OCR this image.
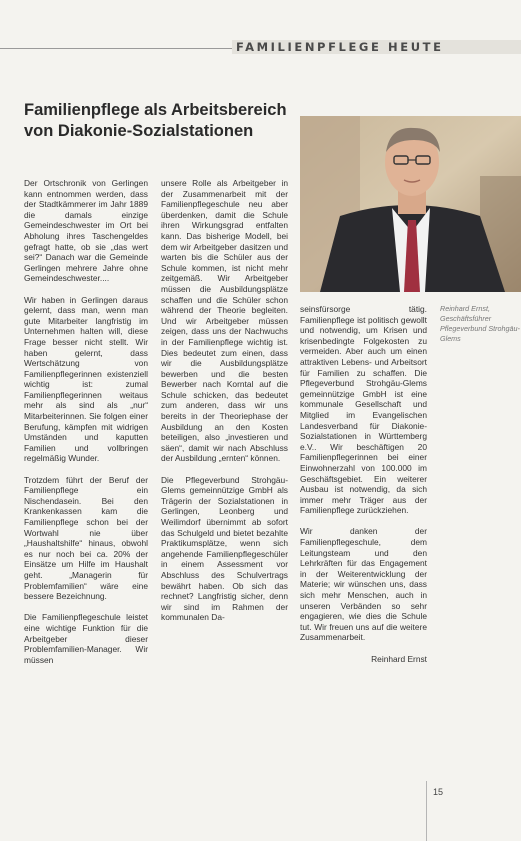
FAMILIENPFLEGE HEUTE
Familienpflege als Arbeitsbereich von Diakonie-Sozialstationen
Reinhard Ernst, Geschäftsführer Pflegeverbund Strohgäu-Glems

Der Ortschronik von Gerlingen kann entnommen werden, dass der Stadtkämmerer im Jahr 1889 die damals einzige Gemeindeschwester im Ort bei Abholung ihres Taschengeldes gefragt hatte, ob sie „das wert sei?“ Danach war die Gemeinde Gerlingen mehrere Jahre ohne Gemeindeschwester....

Wir haben in Gerlingen daraus gelernt, dass man, wenn man gute Mitarbeiter langfristig im Unternehmen halten will, diese Frage besser nicht stellt. Wir haben gelernt, dass Wertschätzung von Familienpflegerinnen existenziell wichtig ist: zumal Familienpflegerinnen weitaus mehr als sind als „nur“ Mitarbeiterinnen. Sie folgen einer Berufung, kämpfen mit widrigen Umständen und kaputten Familien und vollbringen regelmäßig Wunder.

Trotzdem führt der Beruf der Familienpflege ein Nischendasein. Bei den Krankenkassen kam die Familienpflege schon bei der Wortwahl nie über „Haushaltshilfe“ hinaus, obwohl es nur noch bei ca. 20% der Einsätze um Hilfe im Haushalt geht. „Managerin für Problemfamilien“ wäre eine bessere Bezeichnung.

Die Familienpflegeschule leistet eine wichtige Funktion für die Arbeitgeber dieser Problemfamilien-Manager. Wir müssen

unsere Rolle als Arbeitgeber in der Zusammenarbeit mit der Familienpflegeschule neu aber überdenken, damit die Schule ihren Wirkungsgrad entfalten kann. Das bisherige Modell, bei dem wir Arbeitgeber dasitzen und warten bis die Schüler aus der Schule kommen, ist nicht mehr zeitgemäß. Wir Arbeitgeber müssen die Ausbildungsplätze schaffen und die Schüler schon während der Theorie begleiten. Und wir Arbeitgeber müssen zeigen, dass uns der Nachwuchs in der Familienpflege wichtig ist. Dies bedeutet zum einen, dass wir die Ausbildungsplätze bewerben und die besten Bewerber nach Korntal auf die Schule schicken, das bedeutet zum anderen, dass wir uns bereits in der Theoriephase der Ausbildung an den Kosten beteiligen, also „investieren und säen“, damit wir nach Abschluss der Ausbildung „ernten“ können.

Die Pflegeverbund Strohgäu-Glems gemeinnützige GmbH als Trägerin der Sozialstationen in Gerlingen, Leonberg und Weilimdorf übernimmt ab sofort das Schulgeld und bietet bezahlte Praktikumsplätze, wenn sich angehende Familienpflegeschüler in einem Assessment vor Abschluss des Schulvertrags bewährt haben. Ob sich das rechnet? Langfristig sicher, denn wir sind im Rahmen der kommunalen Da-

seinsfürsorge tätig. Familienpflege ist politisch gewollt und notwendig, um Krisen und krisenbedingte Folgekosten zu vermeiden. Aber auch um einen attraktiven Lebens- und Arbeitsort für Familien zu schaffen. Die Pflegeverbund Strohgäu-Glems gemeinnützige GmbH ist eine kommunale Gesellschaft und Mitglied im Evangelischen Landesverband für Diakonie-Sozialstationen in Württemberg e.V.. Wir beschäftigen 20 Familienpflegerinnen bei einer Einwohnerzahl von 100.000 im Geschäftsgebiet. Ein weiterer Ausbau ist notwendig, da sich immer mehr Träger aus der Familienpflege zurückziehen.

Wir danken der Familienpflegeschule, dem Leitungsteam und den Lehrkräften für das Engagement in der Weiterentwicklung der Materie; wir wünschen uns, dass sich mehr Menschen, auch in unseren Verbänden so sehr engagieren, wie dies die Schule tut. Wir freuen uns auf die weitere Zusammenarbeit.

Reinhard Ernst

15
